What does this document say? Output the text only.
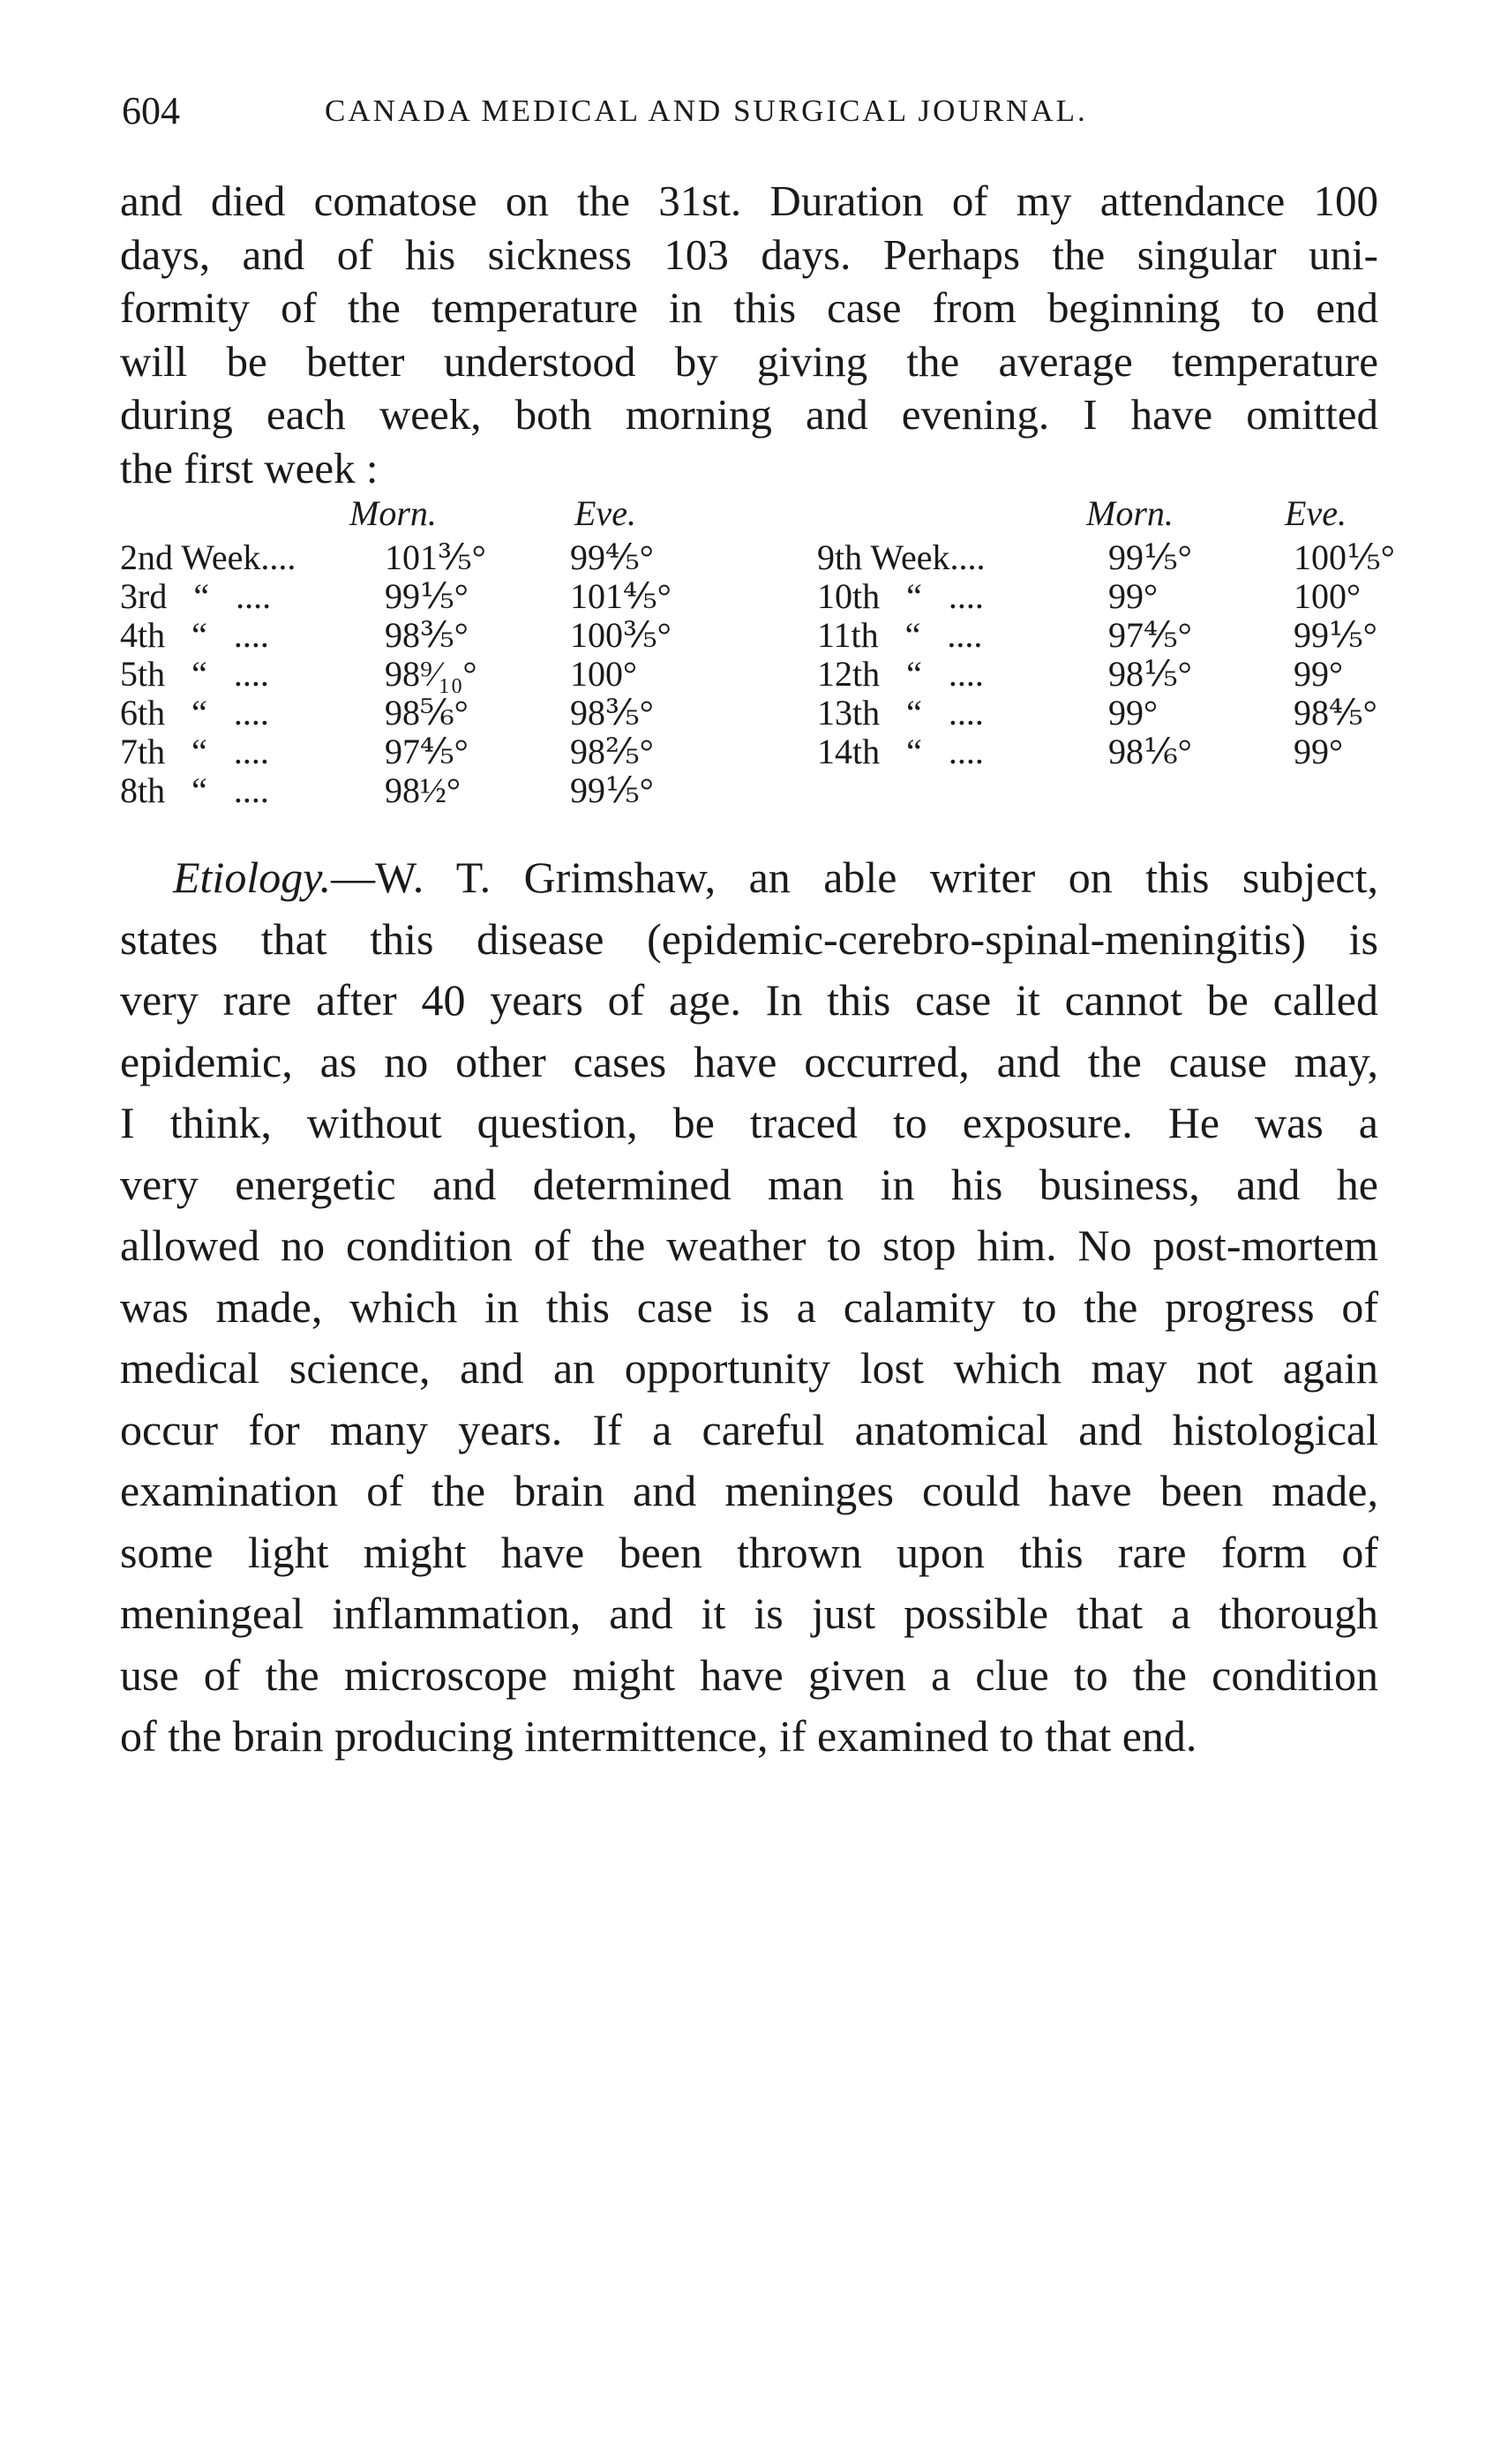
604	CANADA MEDICAL AND SURGICAL JOURNAL.
and died comatose on the 31st. Duration of my attendance 100
days, and of his sickness 103 days. Perhaps the singular uni-
formity of the temperature in this case from beginning to end
will be better understood by giving the average temperature
during each week, both morning and evening. I have omitted
the first week :
Morn.	Eve.	Morn.	Eve.
2nd Week....	101⅗° 99⅘°
3rd   “   ....	99⅕°	101⅘°
4th   “   ....	98⅗°	100⅗°
5th   “   ....	98⁹⁄₁₀°	100°
6th   “   ....	98⅚°	98⅗°
7th   “   ....	97⅘°	98⅖°
8th   “   ....	98½°	99⅕°
9th Week....	99⅕°	100⅕°
10th   “   ....	99°	100°
11th   “   ....	97⅘°	99⅕°
12th   “   ....	98⅕°	99°
13th   “   ....	99°	98⅘°
14th   “   ....	98⅙°	99°
Etiology.—W. T. Grimshaw, an able writer on this subject,
states that this disease (epidemic-cerebro-spinal-meningitis) is
very rare after 40 years of age. In this case it cannot be called
epidemic, as no other cases have occurred, and the cause may,
I think, without question, be traced to exposure. He was a
very energetic and determined man in his business, and he
allowed no condition of the weather to stop him. No post-mortem
was made, which in this case is a calamity to the progress of
medical science, and an opportunity lost which may not again
occur for many years. If a careful anatomical and histological
examination of the brain and meninges could have been made,
some light might have been thrown upon this rare form of
meningeal inflammation, and it is just possible that a thorough
use of the microscope might have given a clue to the condition
of the brain producing intermittence, if examined to that end.
